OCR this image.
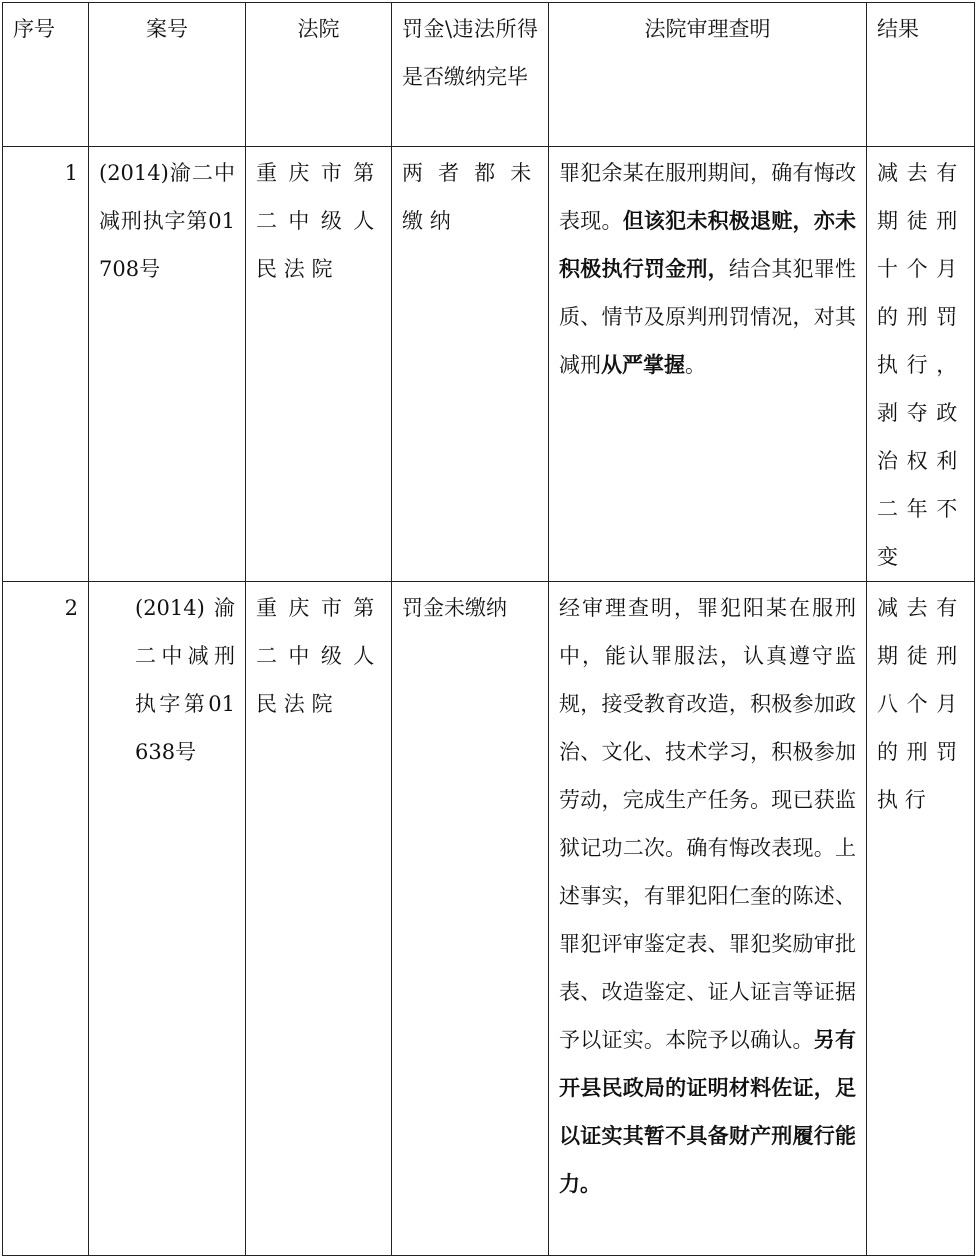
序号	案号	法院	罚金\违法所得是否缴纳完毕	法院审理查明	结果
1	(2014)渝二中减刑执字第01708号	重庆市第二中级人民法院	两者都未缴纳	罪犯余某在服刑期间，确有悔改表现。但该犯未积极退赃，亦未积极执行罚金刑，结合其犯罪性质、情节及原判刑罚情况，对其减刑从严掌握。	减去有期徒刑十个月的刑罚执行，剥夺政治权利二年不变
2	(2014)渝二中减刑执字第01638号	重庆市第二中级人民法院	罚金未缴纳	经审理查明，罪犯阳某在服刑中，能认罪服法，认真遵守监规，接受教育改造，积极参加政治、文化、技术学习，积极参加劳动，完成生产任务。现已获监狱记功二次。确有悔改表现。上述事实，有罪犯阳仁奎的陈述、罪犯评审鉴定表、罪犯奖励审批表、改造鉴定、证人证言等证据予以证实。本院予以确认。另有开县民政局的证明材料佐证，足以证实其暂不具备财产刑履行能力。	减去有期徒刑八个月的刑罚执行
